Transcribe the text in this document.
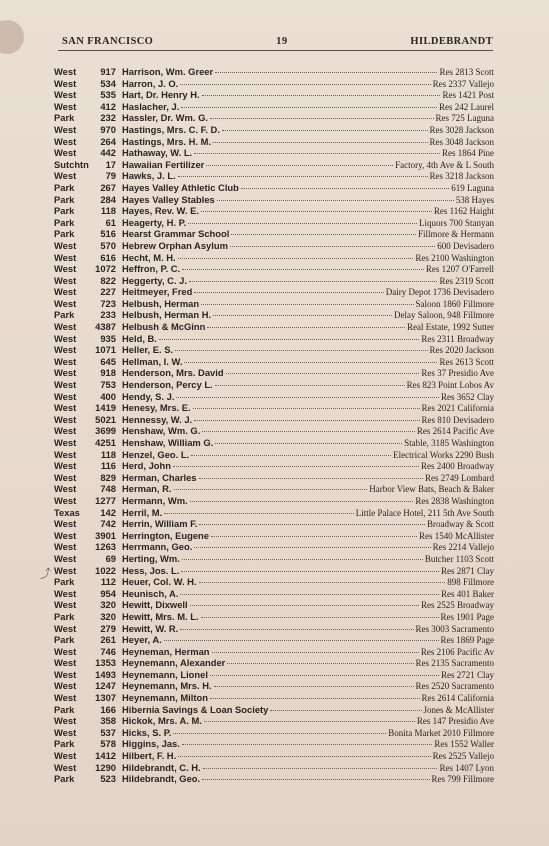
SAN FRANCISCO	19	HILDEBRANDT
⤴
West	917 Harrison, Wm. Greer	Res 2813 Scott
West	534 Harron, J. O.	Res 2337 Vallejo
West	535 Hart, Dr. Henry H.	Res 1421 Post
West	412 Haslacher, J.	Res 242 Laurel
Park	232 Hassler, Dr. Wm. G.	Res 725 Laguna
West	970 Hastings, Mrs. C. F. D.	Res 3028 Jackson
West	264 Hastings, Mrs. H. M.	Res 3048 Jackson
West	442 Hathaway, W. L.	Res 1864 Pine
Sutchtn	17 Hawaiian Fertilizer	Factory, 4th Ave & L South
West	79 Hawks, J. L.	Res 3218 Jackson
Park	267 Hayes Valley Athletic Club	619 Laguna
Park	284 Hayes Valley Stables	538 Hayes
Park	118 Hayes, Rev. W. E.	Res 1162 Haight
Park	61 Heagerty, H. P.	Liquors 700 Stanyan
Park	516 Hearst Grammar School	Fillmore & Hermann
West	570 Hebrew Orphan Asylum	600 Devisadero
West	616 Hecht, M. H.	Res 2100 Washington
West	1072 Heffron, P. C.	Res 1207 O'Farrell
West	822 Heggerty, C. J.	Res 2319 Scott
West	227 Heitmeyer, Fred	Dairy Depot 1736 Devisadero
West	723 Helbush, Herman	Saloon 1860 Fillmore
Park	233 Helbush, Herman H.	Delay Saloon, 948 Fillmore
West	4387 Helbush & McGinn	Real Estate, 1992 Sutter
West	935 Held, B.	Res 2311 Broadway
West	1071 Heller, E. S.	Res 2020 Jackson
West	645 Hellman, I. W.	Res 2613 Scott
West	918 Henderson, Mrs. David	Res 37 Presidio Ave
West	753 Henderson, Percy L.	Res 823 Point Lobos Av
West	400 Hendy, S. J.	Res 3652 Clay
West	1419 Henesy, Mrs. E.	Res 2021 California
West	5021 Hennessy, W. J.	Res 810 Devisadero
West	3699 Henshaw, Wm. G.	Res 2614 Pacific Ave
West	4251 Henshaw, William G.	Stable, 3185 Washington
West	118 Henzel, Geo. L.	Electrical Works 2290 Bush
West	116 Herd, John	Res 2400 Broadway
West	829 Herman, Charles	Res 2749 Lombard
West	748 Herman, R.	Harbor View Bats, Beach & Baker
West	1277 Hermann, Wm.	Res 2838 Washington
Texas	142 Herril, M.	Little Palace Hotel, 211 5th Ave South
West	742 Herrin, William F.	Broadway & Scott
West	3901 Herrington, Eugene	Res 1540 McAllister
West	1263 Herrmann, Geo.	Res 2214 Vallejo
West	69 Herting, Wm.	Butcher 1103 Scott
West	1022 Hess, Jos. L.	Res 2871 Clay
Park	112 Heuer, Col. W. H.	898 Fillmore
West	954 Heunisch, A.	Res 401 Baker
West	320 Hewitt, Dixwell	Res 2525 Broadway
Park	320 Hewitt, Mrs. M. L.	Res 1901 Page
West	279 Hewitt, W. R.	Res 3003 Sacramento
Park	261 Heyer, A.	Res 1869 Page
West	746 Heyneman, Herman	Res 2106 Pacific Av
West	1353 Heynemann, Alexander	Res 2135 Sacramento
West	1493 Heynemann, Lionel	Res 2721 Clay
West	1247 Heynemann, Mrs. H.	Res 2520 Sacramento
West	1307 Heynemann, Milton	Res 2614 California
Park	166 Hibernia Savings & Loan Society	Jones & McAllister
West	358 Hickok, Mrs. A. M.	Res 147 Presidio Ave
West	537 Hicks, S. P.	Bonita Market 2010 Fillmore
Park	578 Higgins, Jas.	Res 1552 Waller
West	1412 Hilbert, F. H.	Res 2525 Vallejo
West	1290 Hildebrandt, C. H.	Res 1407 Lyon
Park	523 Hildebrandt, Geo.	Res 799 Fillmore
